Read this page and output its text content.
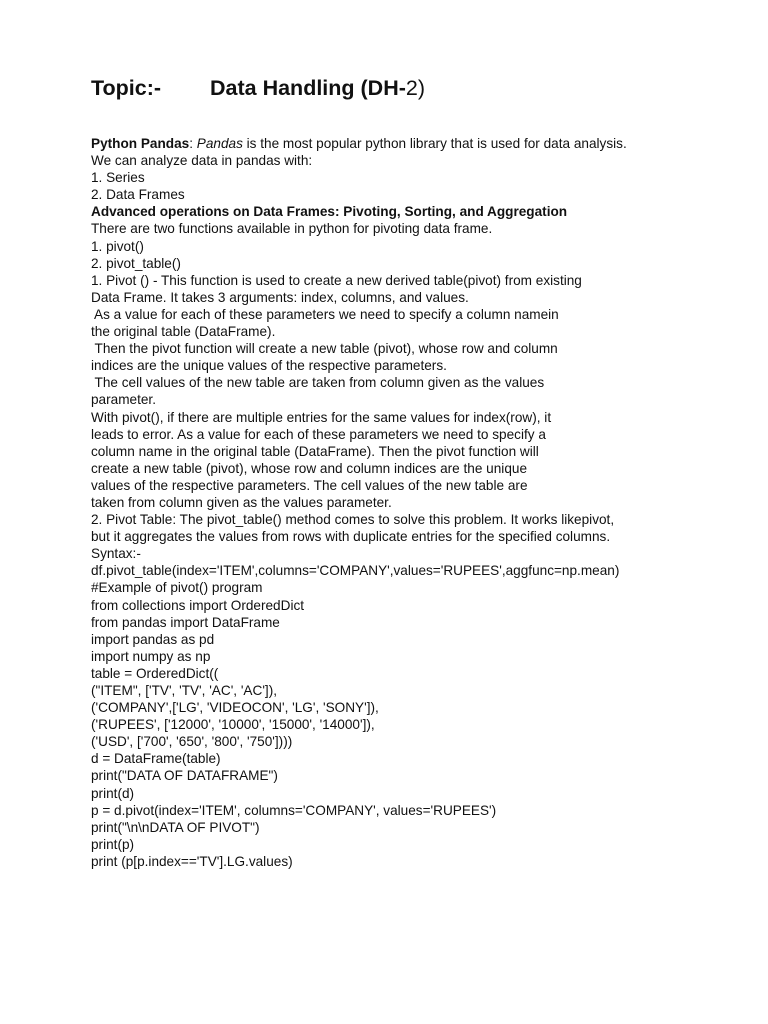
Topic:- Data Handling (DH-2)
Python Pandas: Pandas is the most popular python library that is used for data analysis.
We can analyze data in pandas with:
1. Series
2. Data Frames
Advanced operations on Data Frames: Pivoting, Sorting, and Aggregation
There are two functions available in python for pivoting data frame.
1. pivot()
2. pivot_table()
1. Pivot () - This function is used to create a new derived table(pivot) from existing
Data Frame. It takes 3 arguments: index, columns, and values.
As a value for each of these parameters we need to specify a column namein
the original table (DataFrame).
Then the pivot function will create a new table (pivot), whose row and column
indices are the unique values of the respective parameters.
The cell values of the new table are taken from column given as the values
parameter.
With pivot(), if there are multiple entries for the same values for index(row), it
leads to error. As a value for each of these parameters we need to specify a
column name in the original table (DataFrame). Then the pivot function will
create a new table (pivot), whose row and column indices are the unique
values of the respective parameters. The cell values of the new table are
taken from column given as the values parameter.
2. Pivot Table: The pivot_table() method comes to solve this problem. It works likepivot,
but it aggregates the values from rows with duplicate entries for the specified columns.
Syntax:-
df.pivot_table(index='ITEM',columns='COMPANY',values='RUPEES',aggfunc=np.mean)
#Example of pivot() program
from collections import OrderedDict
from pandas import DataFrame
import pandas as pd
import numpy as np
table = OrderedDict((
("ITEM", ['TV', 'TV', 'AC', 'AC']),
('COMPANY',['LG', 'VIDEOCON', 'LG', 'SONY']),
('RUPEES', ['12000', '10000', '15000', '14000']),
('USD', ['700', '650', '800', '750'])))
d = DataFrame(table)
print("DATA OF DATAFRAME")
print(d)
p = d.pivot(index='ITEM', columns='COMPANY', values='RUPEES')
print("\n\nDATA OF PIVOT")
print(p)
print (p[p.index=='TV'].LG.values)
